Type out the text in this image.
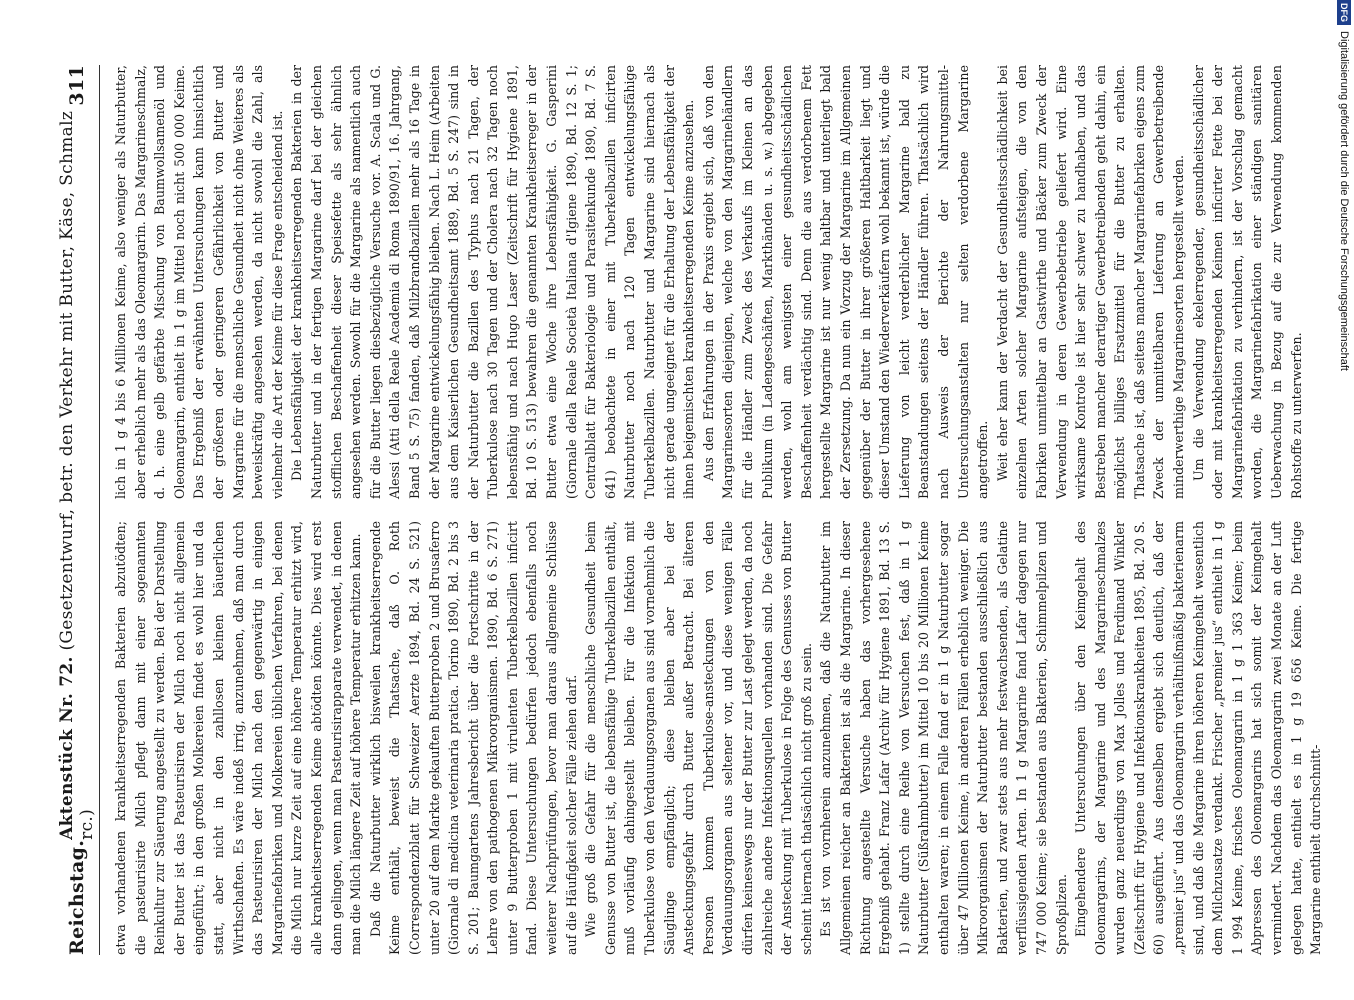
Reichstag.
Aktenstück Nr. 72. (Gesetzentwurf, betr. den Verkehr mit Butter, Käse, Schmalz rc.)
311

etwa vorhandenen krankheitserregenden Bakterien abzutödten; die pasteurisirte Milch pflegt dann mit einer sogenannten Reinkultur zur Säuerung angestellt zu werden. Bei der Darstellung der Butter ist das Pasteurisiren der Milch noch nicht allgemein eingeführt; in den großen Molkereien findet es wohl hier und da statt, aber nicht in den zahllosen kleinen bäuerlichen Wirthschaften. Es wäre indeß irrig, anzunehmen, daß man durch das Pasteurisiren der Milch nach den gegenwärtig in einigen Margarinefabriken und Molkereien üblichen Verfahren, bei denen die Milch nur kurze Zeit auf eine höhere Temperatur erhitzt wird, alle krankheitserregenden Keime abtödten könnte. Dies wird erst dann gelingen, wenn man Pasteurisirapparate verwendet, in denen man die Milch längere Zeit auf höhere Temperatur erhitzen kann. Daß die Naturbutter wirklich bisweilen krankheitserregende Keime enthält, beweist die Thatsache, daß O. Roth (Correspondenzblatt für Schweizer Aerzte 1894, Bd. 24 S. 521) unter 20 auf dem Markte gekauften Butterproben 2 und Brusaferro (Giornale di medicina veterinaria pratica. Torino 1890, Bd. 2 bis 3 S. 201; Baumgartens Jahresbericht über die Fortschritte in der Lehre von den pathogenen Mikroorganismen. 1890, Bd. 6 S. 271) unter 9 Butterproben 1 mit virulenten Tuberkelbazillen inficirt fand. Diese Untersuchungen bedürfen jedoch ebenfalls noch weiterer Nachprüfungen, bevor man daraus allgemeine Schlüsse auf die Häufigkeit solcher Fälle ziehen darf. Wie groß die Gefahr für die menschliche Gesundheit beim Genusse von Butter ist, die lebensfähige Tuberkelbazillen enthält, muß vorläufig dahingestellt bleiben. Für die Infektion mit Tuberkulose von den Verdauungsorganen aus sind vornehmlich die Säuglinge empfänglich; diese bleiben aber bei der Ansteckungsgefahr durch Butter außer Betracht. Bei älteren Personen kommen Tuberkulose-ansteckungen von den Verdauungsorganen aus seltener vor, und diese wenigen Fälle dürfen keineswegs nur der Butter zur Last gelegt werden, da noch zahlreiche andere Infektionsquellen vorhanden sind. Die Gefahr der Ansteckung mit Tuberkulose in Folge des Genusses von Butter scheint hiernach thatsächlich nicht groß zu sein. Es ist von vornherein anzunehmen, daß die Naturbutter im Allgemeinen reicher an Bakterien ist als die Margarine. In dieser Richtung angestellte Versuche haben das vorhergesehene Ergebniß gehabt. Franz Lafar (Archiv für Hygiene 1891, Bd. 13 S. 1) stellte durch eine Reihe von Versuchen fest, daß in 1 g Naturbutter (Süßrahmbutter) im Mittel 10 bis 20 Millionen Keime enthalten waren; in einem Falle fand er in 1 g Naturbutter sogar über 47 Millionen Keime, in anderen Fällen erheblich weniger. Die Mikroorganismen der Naturbutter bestanden ausschließlich aus Bakterien, und zwar stets aus mehr festwachsenden, als Gelatine verflüssigenden Arten. In 1 g Margarine fand Lafar dagegen nur 747 000 Keime; sie bestanden aus Bakterien, Schimmelpilzen und Sproßpilzen. Eingehendere Untersuchungen über den Keimgehalt des Oleomargarins, der Margarine und des Margarineschmalzes wurden ganz neuerdings von Max Jolles und Ferdinand Winkler (Zeitschrift für Hygiene und Infektionskrankheiten 1895, Bd. 20 S. 60) ausgeführt. Aus denselben ergiebt sich deutlich, daß der „premier jus“ und das Oleomargarin verhältnißmäßig bakterienarm sind, und daß die Margarine ihren höheren Keimgehalt wesentlich dem Milchzusatze verdankt. Frischer „premier jus“ enthielt in 1 g 1 994 Keime, frisches Oleomargarin in 1 g 1 363 Keime; beim Abpressen des Oleomargarins hat sich somit der Keimgehalt vermindert. Nachdem das Oleomargarin zwei Monate an der Luft gelegen hatte, enthielt es in 1 g 19 656 Keime. Die fertige Margarine enthielt durchschnitt-

lich in 1 g 4 bis 6 Millionen Keime, also weniger als Naturbutter, aber erheblich mehr als das Oleomargarin. Das Margarineschmalz, d. h. eine gelb gefärbte Mischung von Baumwollsamenöl und Oleomargarin, enthielt in 1 g im Mittel noch nicht 500 000 Keime. Das Ergebniß der erwähnten Untersuchungen kann hinsichtlich der größeren oder geringeren Gefährlichkeit von Butter und Margarine für die menschliche Gesundheit nicht ohne Weiteres als beweiskräftig angesehen werden, da nicht sowohl die Zahl, als vielmehr die Art der Keime für diese Frage entscheidend ist. Die Lebensfähigkeit der krankheitserregenden Bakterien in der Naturbutter und in der fertigen Margarine darf bei der gleichen stofflichen Beschaffenheit dieser Speisefette als sehr ähnlich angesehen werden. Sowohl für die Margarine als namentlich auch für die Butter liegen diesbezügliche Versuche vor. A. Scala und G. Alessi (Atti della Reale Academia di Roma 1890/91, 16. Jahrgang, Band 5 S. 75) fanden, daß Milzbrandbazillen mehr als 16 Tage in der Margarine entwickelungsfähig bleiben. Nach L. Heim (Arbeiten aus dem Kaiserlichen Gesundheitsamt 1889, Bd. 5 S. 247) sind in der Naturbutter die Bazillen des Typhus nach 21 Tagen, der Tuberkulose nach 30 Tagen und der Cholera nach 32 Tagen noch lebensfähig und nach Hugo Laser (Zeitschrift für Hygiene 1891, Bd. 10 S. 513) bewahren die genannten Krankheitserreger in der Butter etwa eine Woche ihre Lebensfähigkeit. G. Gasperini (Giornale della Reale Società Italiana d'Igiene 1890, Bd. 12 S. 1; Centralblatt für Bakteriologie und Parasitenkunde 1890, Bd. 7 S. 641) beobachtete in einer mit Tuberkelbazillen inficirten Naturbutter noch nach 120 Tagen entwickelungsfähige Tuberkelbazillen. Naturbutter und Margarine sind hiernach als nicht gerade ungeeignet für die Erhaltung der Lebensfähigkeit der ihnen beigemischten krankheitserregenden Keime anzusehen. Aus den Erfahrungen in der Praxis ergiebt sich, daß von den Margarinesorten diejenigen, welche von den Margarinehändlern für die Händler zum Zweck des Verkaufs im Kleinen an das Publikum (in Ladengeschäften, Markthänden u. s. w.) abgegeben werden, wohl am wenigsten einer gesundheitsschädlichen Beschaffenheit verdächtig sind. Denn die aus verdorbenem Fett hergestellte Margarine ist nur wenig haltbar und unterliegt bald der Zersetzung. Da nun ein Vorzug der Margarine im Allgemeinen gegenüber der Butter in ihrer größeren Haltbarkeit liegt und dieser Umstand den Wiederverkäufern wohl bekannt ist, würde die Lieferung von leicht verderblicher Margarine bald zu Beanstandungen seitens der Händler führen. Thatsächlich wird nach Ausweis der Berichte der Nahrungsmittel-Untersuchungsanstalten nur selten verdorbene Margarine angetroffen. Weit eher kann der Verdacht der Gesundheitsschädlichkeit bei einzelnen Arten solcher Margarine aufsteigen, die von den Fabriken unmittelbar an Gastwirthe und Bäcker zum Zweck der Verwendung in deren Gewerbebetriebe geliefert wird. Eine wirksame Kontrole ist hier sehr schwer zu handhaben, und das Bestreben mancher derartiger Gewerbetreibenden geht dahin, ein möglichst billiges Ersatzmittel für die Butter zu erhalten. Thatsache ist, daß seitens mancher Margarinefabriken eigens zum Zweck der unmittelbaren Lieferung an Gewerbetreibende minderwerthige Margarinesorten hergestellt werden. Um die Verwendung ekelerregender, gesundheitsschädlicher oder mit krankheitserregenden Keimen inficirter Fette bei der Margarinefabrikation zu verhindern, ist der Vorschlag gemacht worden, die Margarinefabrikation einer ständigen sanitären Ueberwachung in Bezug auf die zur Verwendung kommenden Rohstoffe zu unterwerfen.

DFG
Digitalisierung gefördert durch die Deutsche Forschungsgemeinschaft
